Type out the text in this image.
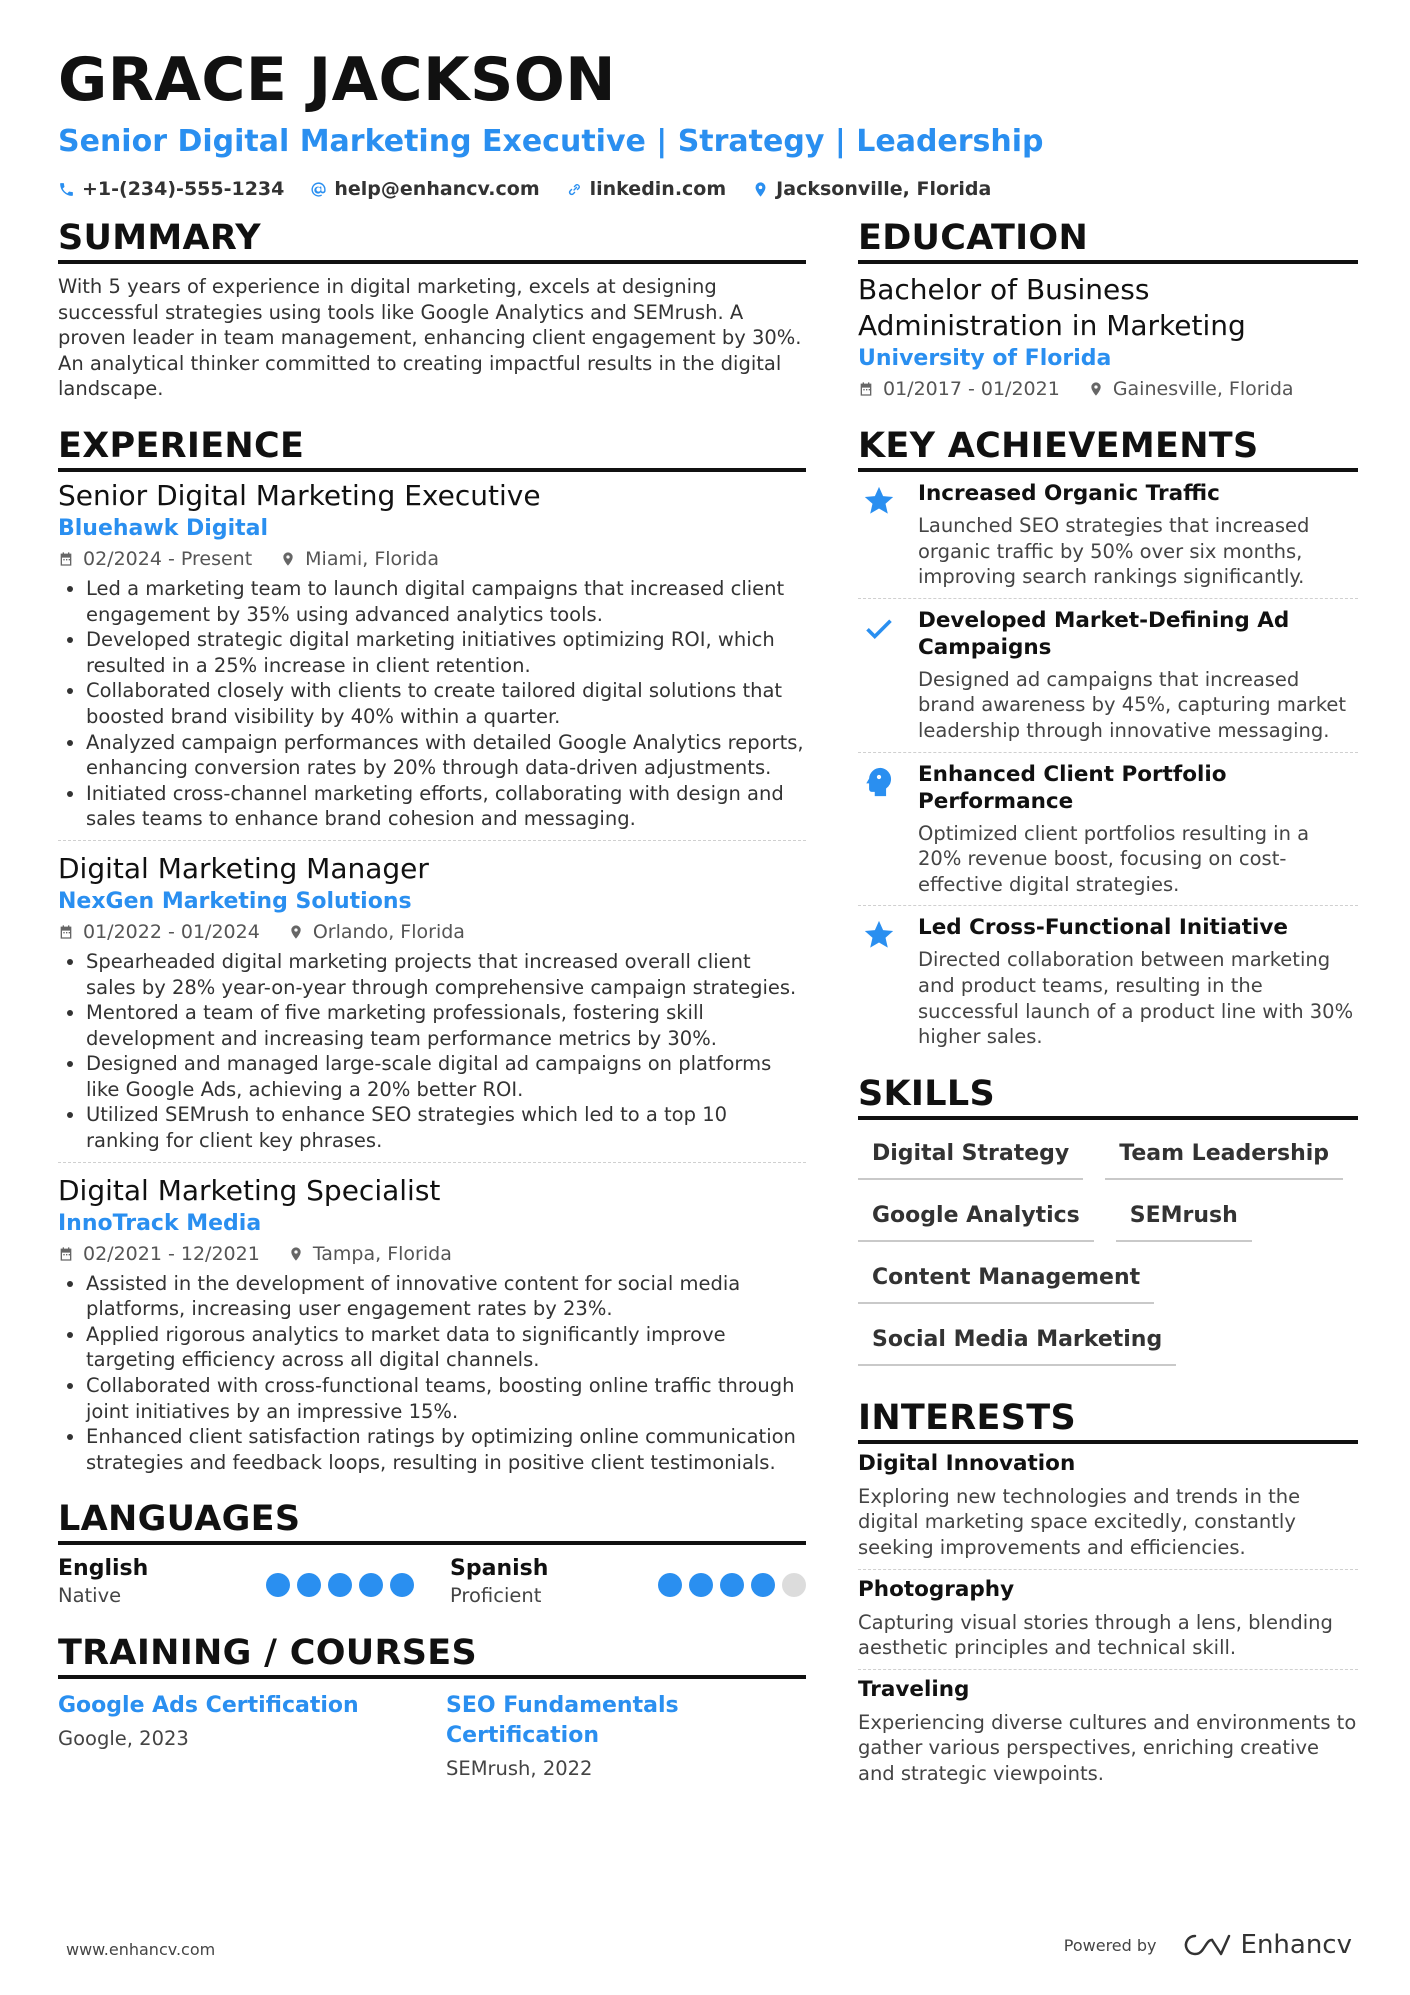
GRACE JACKSON
Senior Digital Marketing Executive | Strategy | Leadership
+1-(234)-555-1234	help@enhancv.com	linkedin.com	Jacksonville, Florida
SUMMARY
With 5 years of experience in digital marketing, excels at designing successful strategies using tools like Google Analytics and SEMrush. A proven leader in team management, enhancing client engagement by 30%. An analytical thinker committed to creating impactful results in the digital landscape.
EXPERIENCE
Senior Digital Marketing Executive
Bluehawk Digital
02/2024 - Present	Miami, Florida
• Led a marketing team to launch digital campaigns that increased client engagement by 35% using advanced analytics tools.
• Developed strategic digital marketing initiatives optimizing ROI, which resulted in a 25% increase in client retention.
• Collaborated closely with clients to create tailored digital solutions that boosted brand visibility by 40% within a quarter.
• Analyzed campaign performances with detailed Google Analytics reports, enhancing conversion rates by 20% through data-driven adjustments.
• Initiated cross-channel marketing efforts, collaborating with design and sales teams to enhance brand cohesion and messaging.
Digital Marketing Manager
NexGen Marketing Solutions
01/2022 - 01/2024	Orlando, Florida
• Spearheaded digital marketing projects that increased overall client sales by 28% year-on-year through comprehensive campaign strategies.
• Mentored a team of five marketing professionals, fostering skill development and increasing team performance metrics by 30%.
• Designed and managed large-scale digital ad campaigns on platforms like Google Ads, achieving a 20% better ROI.
• Utilized SEMrush to enhance SEO strategies which led to a top 10 ranking for client key phrases.
Digital Marketing Specialist
InnoTrack Media
02/2021 - 12/2021	Tampa, Florida
• Assisted in the development of innovative content for social media platforms, increasing user engagement rates by 23%.
• Applied rigorous analytics to market data to significantly improve targeting efficiency across all digital channels.
• Collaborated with cross-functional teams, boosting online traffic through joint initiatives by an impressive 15%.
• Enhanced client satisfaction ratings by optimizing online communication strategies and feedback loops, resulting in positive client testimonials.
LANGUAGES
English
Native
Spanish
Proficient
TRAINING / COURSES
Google Ads Certification
Google, 2023
SEO Fundamentals Certification
SEMrush, 2022
EDUCATION
Bachelor of Business Administration in Marketing
University of Florida
01/2017 - 01/2021	Gainesville, Florida
KEY ACHIEVEMENTS
Increased Organic Traffic
Launched SEO strategies that increased organic traffic by 50% over six months, improving search rankings significantly.
Developed Market-Defining Ad Campaigns
Designed ad campaigns that increased brand awareness by 45%, capturing market leadership through innovative messaging.
Enhanced Client Portfolio Performance
Optimized client portfolios resulting in a 20% revenue boost, focusing on cost-effective digital strategies.
Led Cross-Functional Initiative
Directed collaboration between marketing and product teams, resulting in the successful launch of a product line with 30% higher sales.
SKILLS
Digital Strategy	Team Leadership
Google Analytics	SEMrush
Content Management
Social Media Marketing
INTERESTS
Digital Innovation
Exploring new technologies and trends in the digital marketing space excitedly, constantly seeking improvements and efficiencies.
Photography
Capturing visual stories through a lens, blending aesthetic principles and technical skill.
Traveling
Experiencing diverse cultures and environments to gather various perspectives, enriching creative and strategic viewpoints.
www.enhancv.com	Powered by	Enhancv
